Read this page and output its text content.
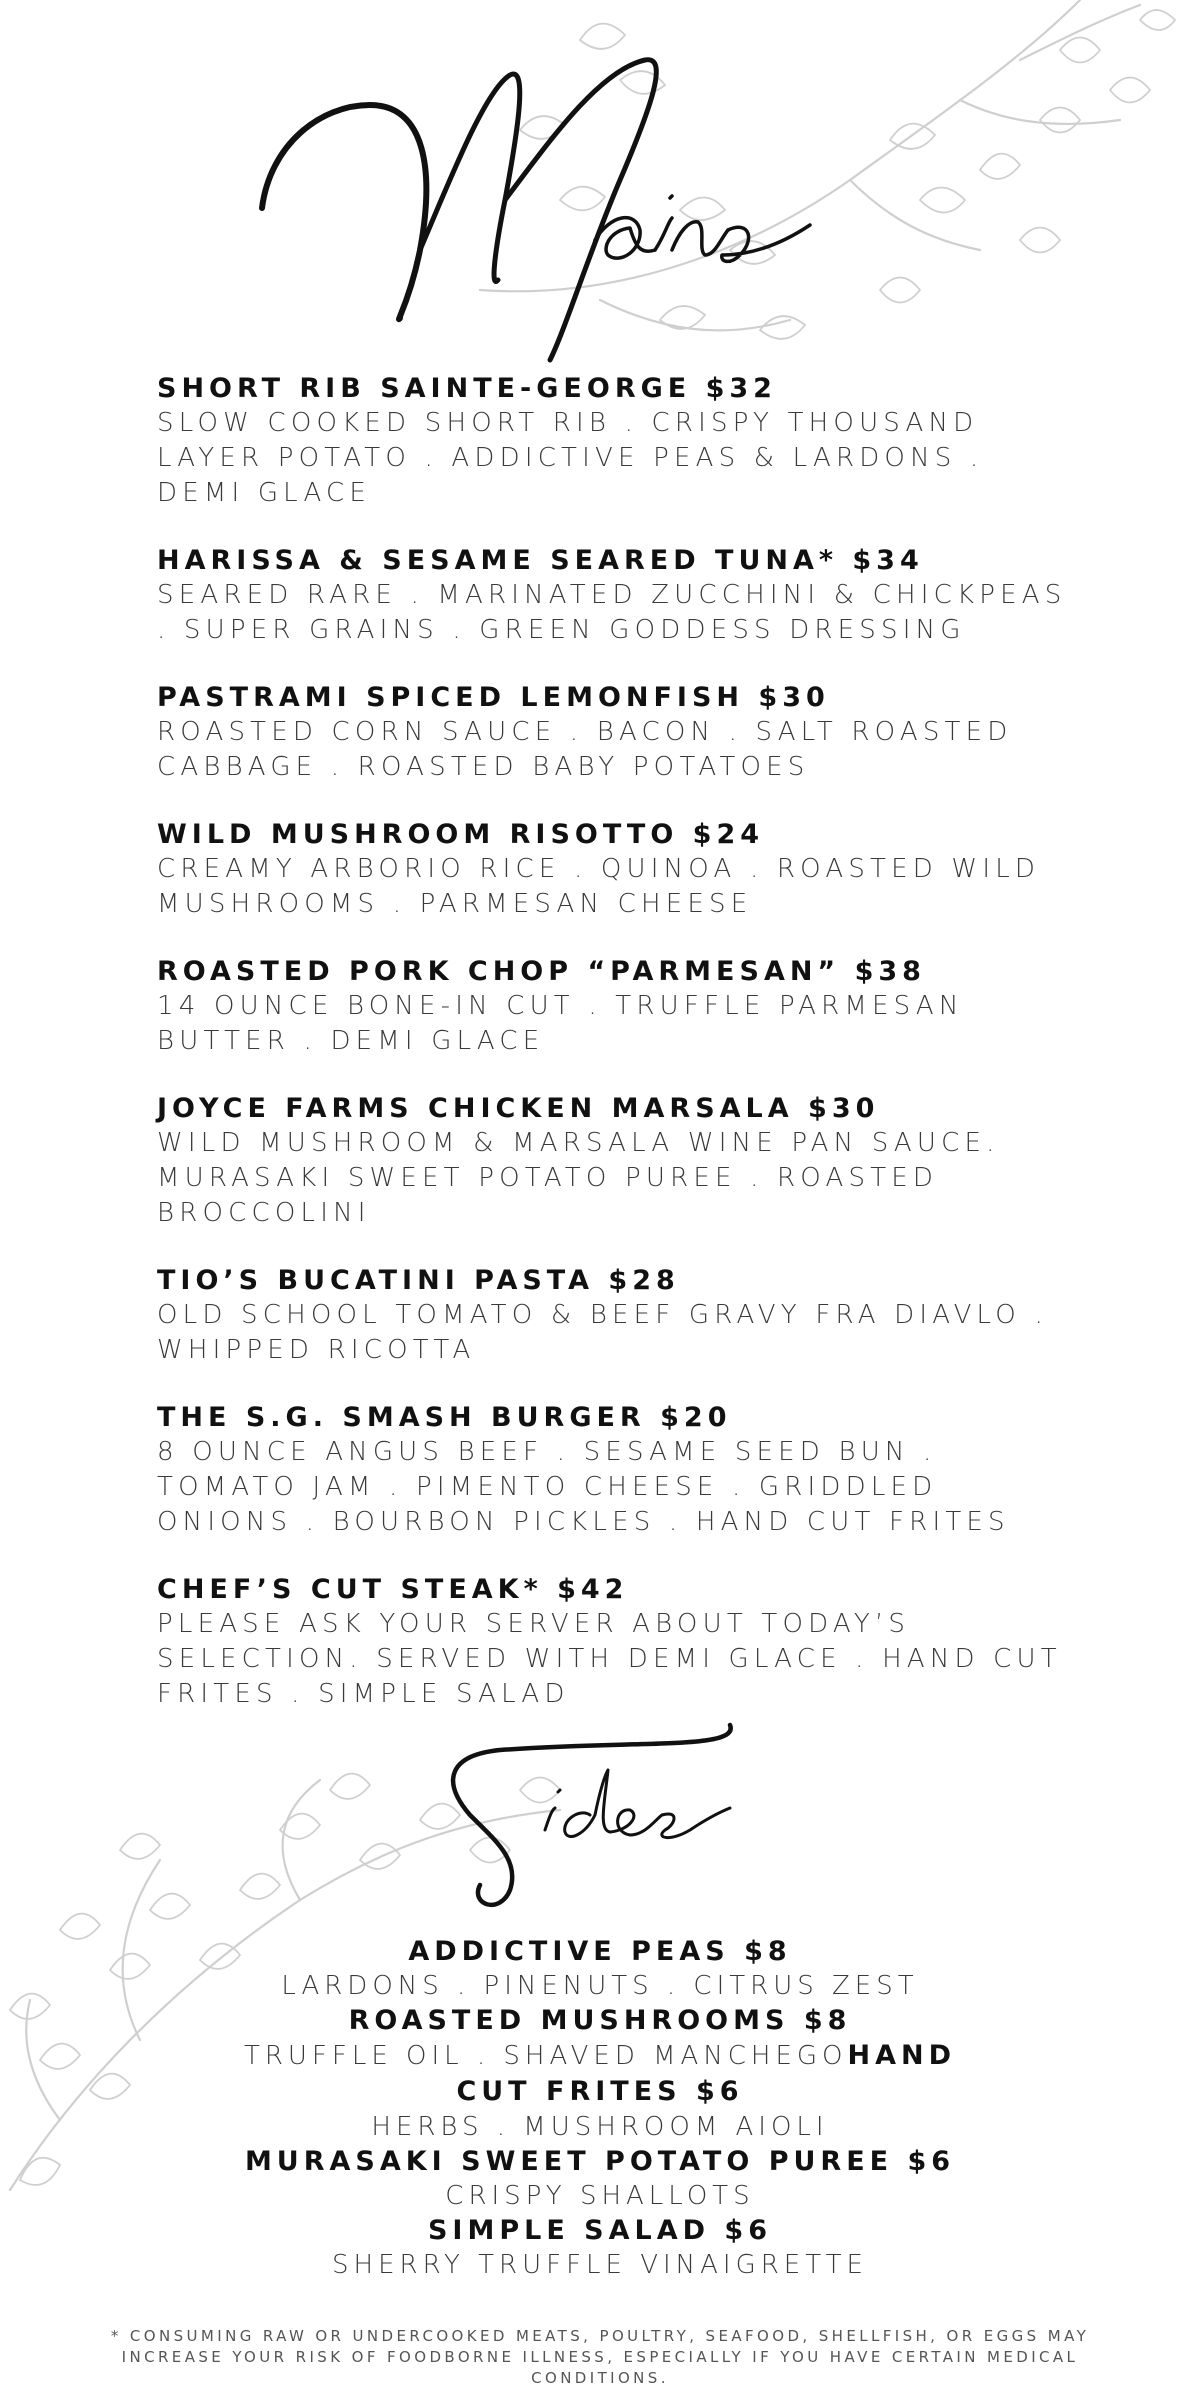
SHORT RIB SAINTE-GEORGE $32
SLOW COOKED SHORT RIB . CRISPY THOUSAND LAYER POTATO . ADDICTIVE PEAS & LARDONS . DEMI GLACE
HARISSA & SESAME SEARED TUNA* $34
SEARED RARE . MARINATED ZUCCHINI & CHICKPEAS . SUPER GRAINS . GREEN GODDESS DRESSING
PASTRAMI SPICED LEMONFISH $30
ROASTED CORN SAUCE . BACON . SALT ROASTED CABBAGE . ROASTED BABY POTATOES
WILD MUSHROOM RISOTTO $24
CREAMY ARBORIO RICE . QUINOA . ROASTED WILD MUSHROOMS . PARMESAN CHEESE
ROASTED PORK CHOP “PARMESAN” $38
14 OUNCE BONE-IN CUT . TRUFFLE PARMESAN BUTTER . DEMI GLACE
JOYCE FARMS CHICKEN MARSALA $30
WILD MUSHROOM & MARSALA WINE PAN SAUCE. MURASAKI SWEET POTATO PUREE . ROASTED BROCCOLINI
TIO’S BUCATINI PASTA $28
OLD SCHOOL TOMATO & BEEF GRAVY FRA DIAVLO . WHIPPED RICOTTA
THE S.G. SMASH BURGER $20
8 OUNCE ANGUS BEEF . SESAME SEED BUN . TOMATO JAM . PIMENTO CHEESE . GRIDDLED ONIONS . BOURBON PICKLES . HAND CUT FRITES
CHEF’S CUT STEAK* $42
PLEASE ASK YOUR SERVER ABOUT TODAY’S SELECTION. SERVED WITH DEMI GLACE . HAND CUT FRITES . SIMPLE SALAD
ADDICTIVE PEAS $8
LARDONS . PINENUTS . CITRUS ZEST
ROASTED MUSHROOMS $8
TRUFFLE OIL . SHAVED MANCHEGOHAND CUT FRITES $6
HERBS . MUSHROOM AIOLI
MURASAKI SWEET POTATO PUREE $6
CRISPY SHALLOTS
SIMPLE SALAD $6
SHERRY TRUFFLE VINAIGRETTE
* CONSUMING RAW OR UNDERCOOKED MEATS, POULTRY, SEAFOOD, SHELLFISH, OR EGGS MAY INCREASE YOUR RISK OF FOODBORNE ILLNESS, ESPECIALLY IF YOU HAVE CERTAIN MEDICAL CONDITIONS.
